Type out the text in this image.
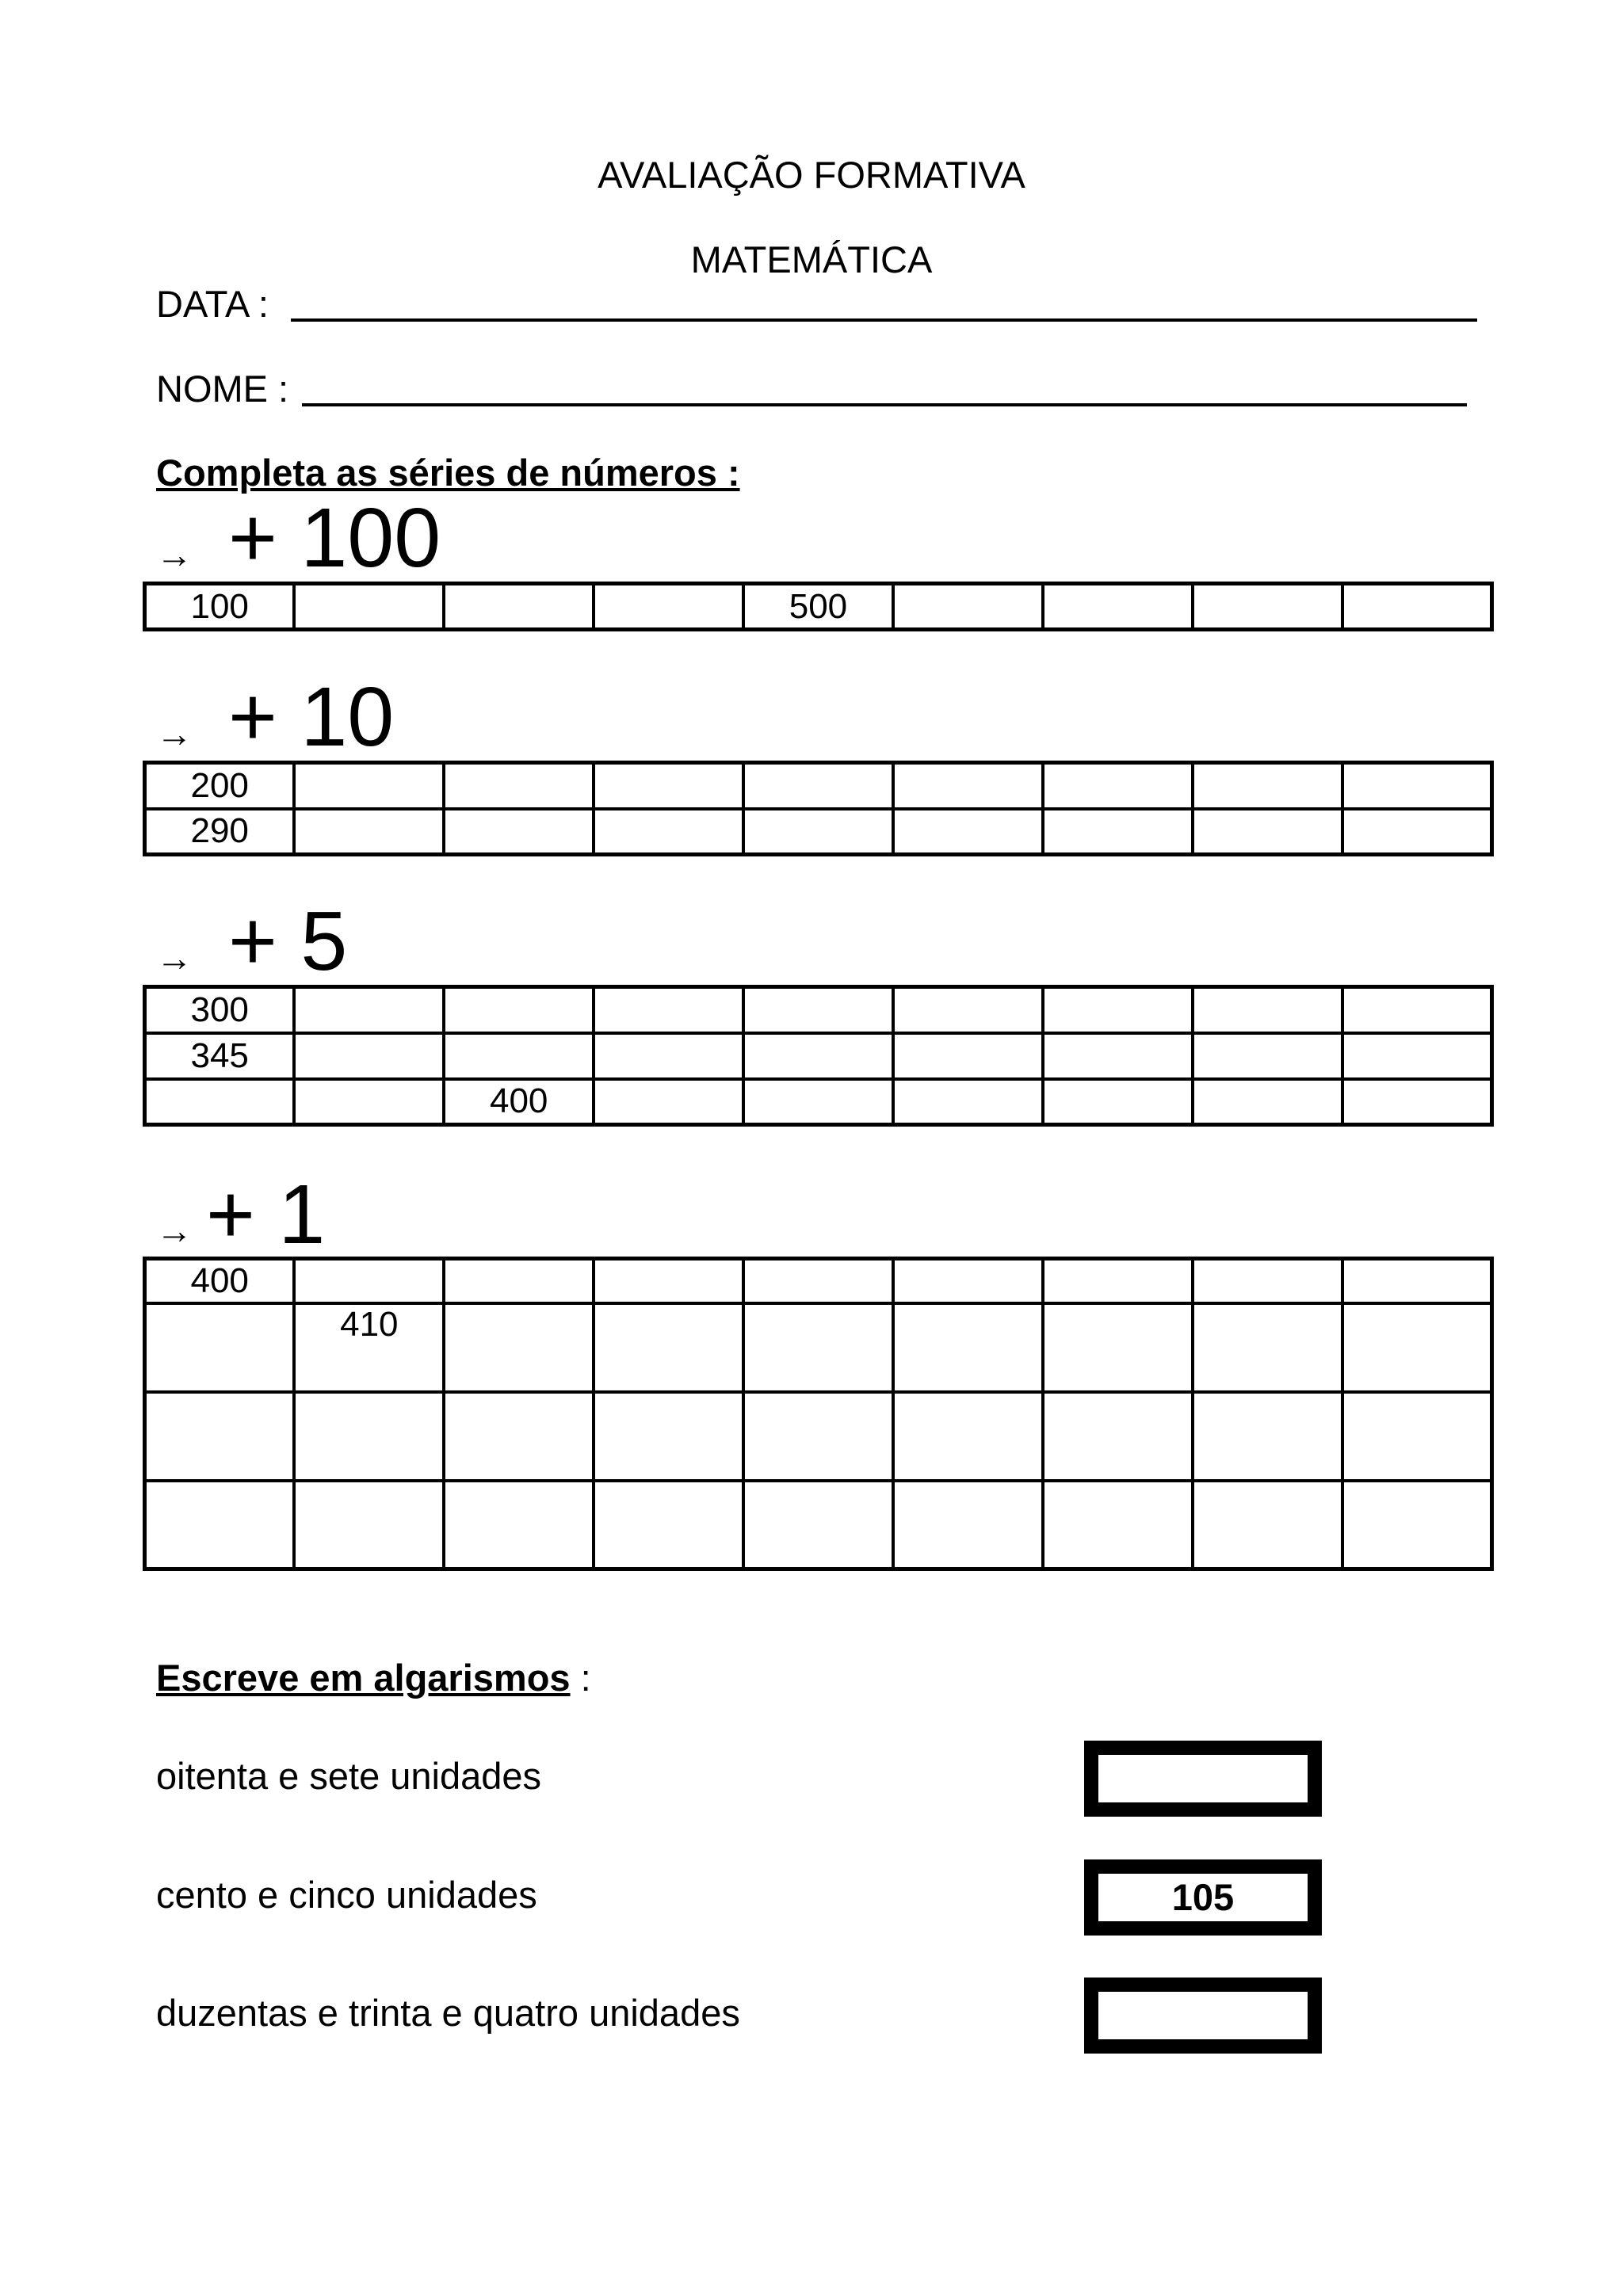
AVALIAÇÃO FORMATIVA
MATEMÁTICA
DATA :
NOME :
Completa as séries de números :
→ + 100
100				500				
→ + 10
200								
290								
→ + 5
300								
345								
		400						
→ + 1
400								
	410							

Escreve em algarismos :
oitenta e sete unidades
cento e cinco unidades	105
duzentas e trinta e quatro unidades
